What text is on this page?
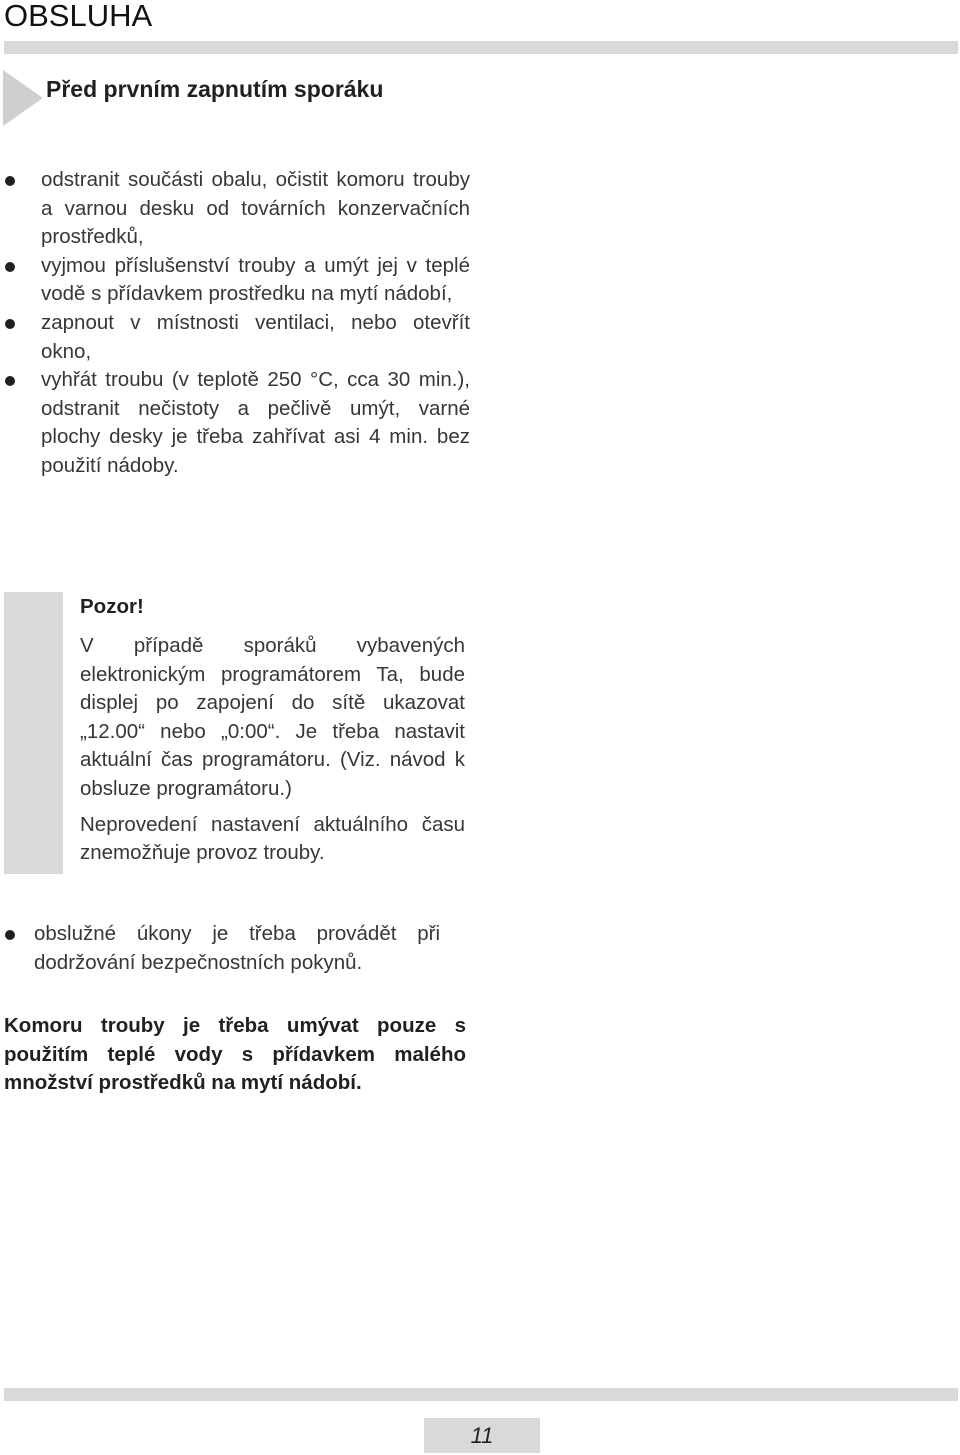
OBSLUHA
Před prvním zapnutím sporáku
odstranit součásti obalu, očistit komoru trouby a varnou desku od továrních konzervačních prostředků,
vyjmou příslušenství trouby a umýt jej v teplé vodě s přídavkem prostředku na mytí nádobí,
zapnout v místnosti ventilaci, nebo otevřít okno,
vyhřát troubu (v teplotě 250 °C, cca 30 min.), odstranit nečistoty a pečlivě umýt, varné plochy desky je třeba zahřívat asi 4 min. bez použití nádoby.
Pozor!

V případě sporáků vybavených elektronickým programátorem Ta, bude displej po zapojení do sítě ukazovat „12.00“ nebo „0:00“. Je třeba nastavit aktuální čas programátoru. (Viz. návod k obsluze programátoru.)

Neprovedení nastavení aktuálního času znemožňuje provoz trouby.

obslužné úkony je třeba provádět při dodržování bezpečnostních pokynů.

Komoru trouby je třeba umývat pouze s použitím teplé vody s přídavkem malého množství prostředků na mytí nádobí.

11
